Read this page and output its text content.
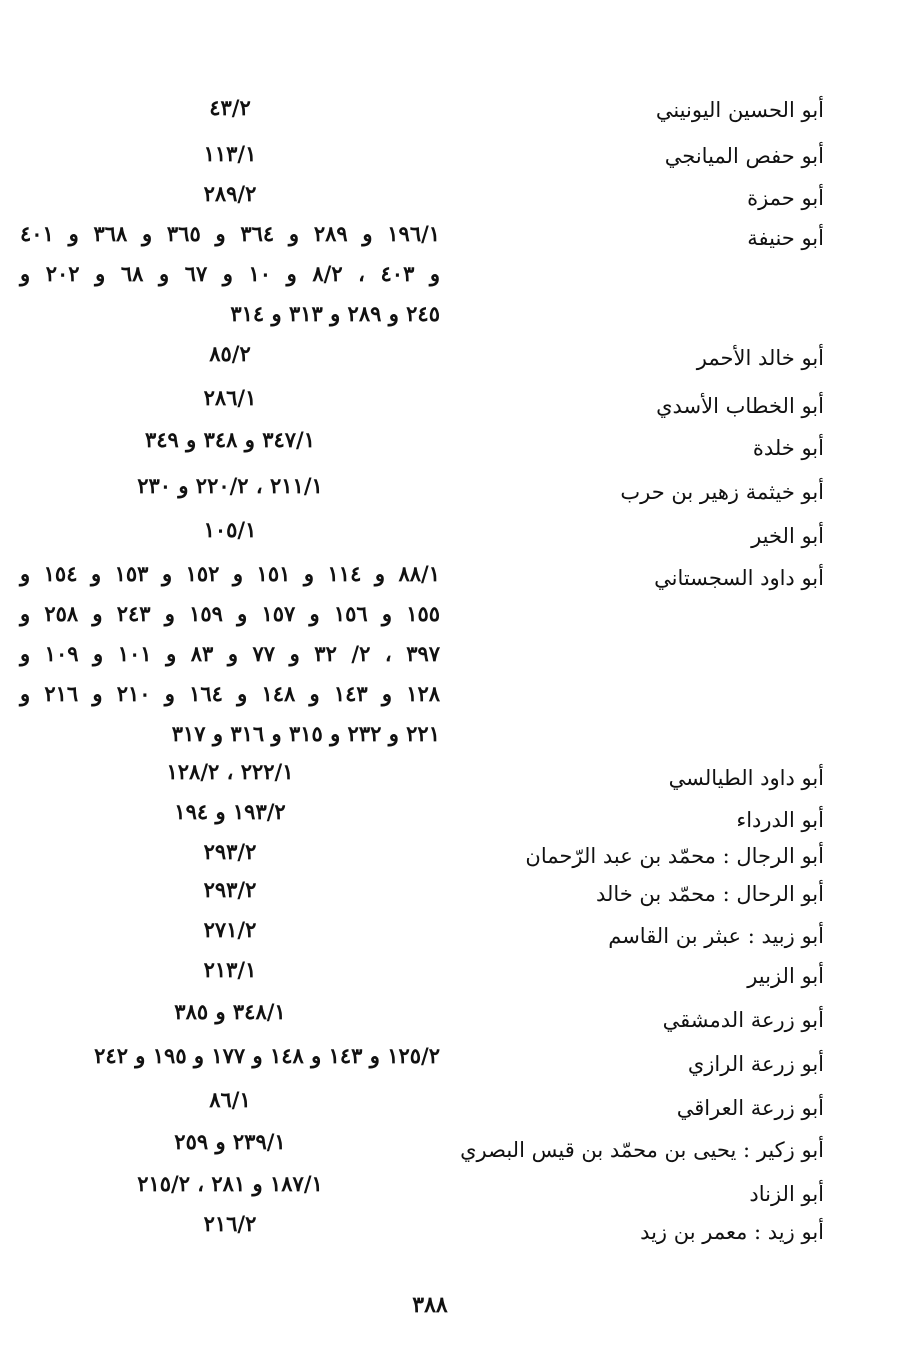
أبو الحسين اليونيني
أبو حفص الميانجي
أبو حمزة
أبو حنيفة
أبو خالد الأحمر
أبو الخطاب الأسدي
أبو خلدة
أبو خيثمة زهير بن حرب
أبو الخير
أبو داود السجستاني
أبو داود الطيالسي
أبو الدرداء
أبو الرجال : محمّد بن عبد الرّحمان
أبو الرحال : محمّد بن خالد
أبو زبيد : عبثر بن القاسم
أبو الزبير
أبو زرعة الدمشقي
أبو زرعة الرازي
أبو زرعة العراقي
أبو زكير : يحيى بن محمّد بن قيس البصري
أبو الزناد
أبو زيد : معمر بن زيد
٤٣/٢
١١٣/١
٢٨٩/٢
١٩٦/١ و ٢٨٩ و ٣٦٤ و ٣٦٥ و ٣٦٨ و ٤٠١
و ٤٠٣ ، ٨/٢ و ١٠ و ٦٧ و ٦٨ و ٢٠٢ و
٢٤٥ و ٢٨٩ و ٣١٣ و ٣١٤
٨٥/٢
٢٨٦/١
٣٤٧/١ و ٣٤٨ و ٣٤٩
٢١١/١ ، ٢٢٠/٢ و ٢٣٠
١٠٥/١
٨٨/١ و ١١٤ و ١٥١ و ١٥٢ و ١٥٣ و ١٥٤ و
١٥٥ و ١٥٦ و ١٥٧ و ١٥٩ و ٢٤٣ و ٢٥٨ و
٣٩٧ ، ٢/ ٣٢ و ٧٧ و ٨٣ و ١٠١ و ١٠٩ و
١٢٨ و ١٤٣ و ١٤٨ و ١٦٤ و ٢١٠ و ٢١٦ و
٢٢١ و ٢٣٢ و ٣١٥ و ٣١٦ و ٣١٧
٢٢٢/١ ، ١٢٨/٢
١٩٣/٢ و ١٩٤
٢٩٣/٢
٢٩٣/٢
٢٧١/٢
٢١٣/١
٣٤٨/١ و ٣٨٥
١٢٥/٢ و ١٤٣ و ١٤٨ و ١٧٧ و ١٩٥ و ٢٤٢
٨٦/١
٢٣٩/١ و ٢٥٩
١٨٧/١ و ٢٨١ ، ٢١٥/٢
٢١٦/٢
٣٨٨
